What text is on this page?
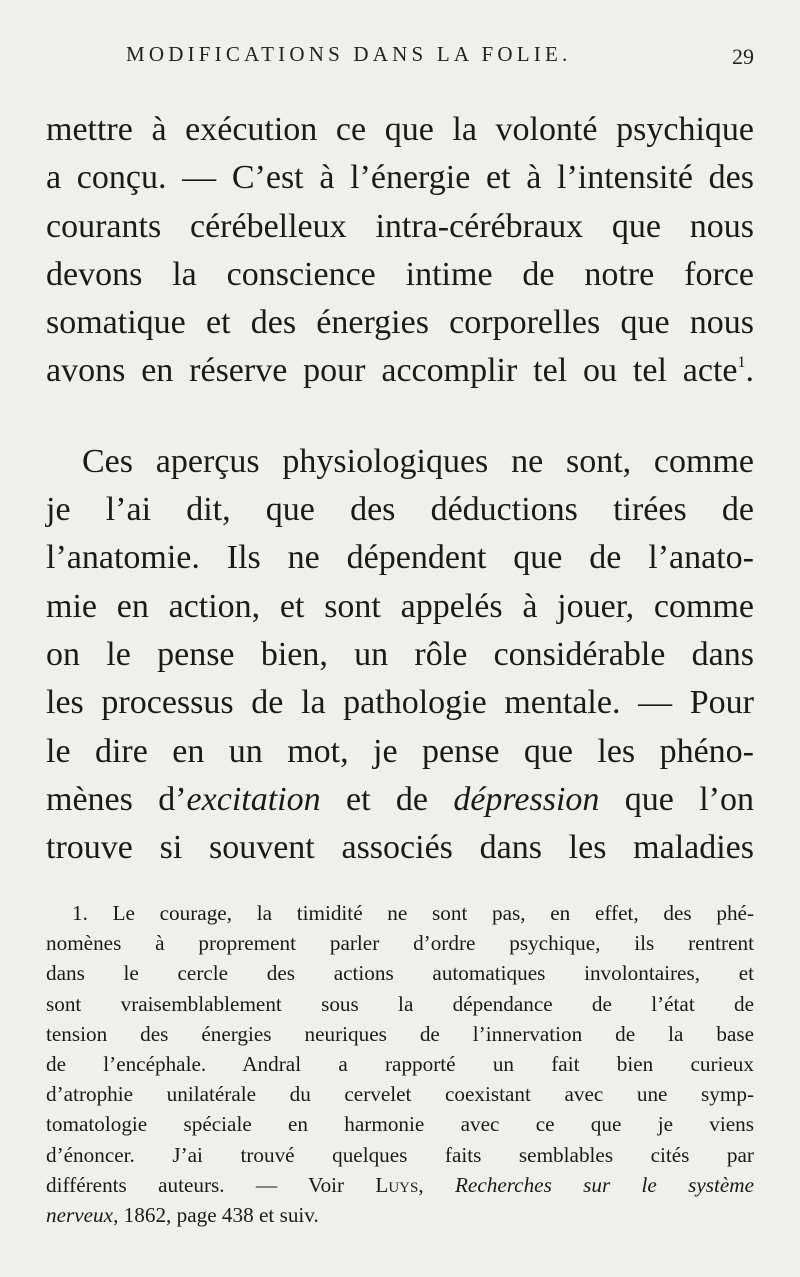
MODIFICATIONS DANS LA FOLIE.	29
mettre à exécution ce que la volonté psychique
a conçu. — C’est à l’énergie et à l’intensité des
courants cérébelleux intra-cérébraux que nous
devons la conscience intime de notre force
somatique et des énergies corporelles que nous
avons en réserve pour accomplir tel ou tel acte$^1$.
Ces aperçus physiologiques ne sont, comme
je l’ai dit, que des déductions tirées de
l’anatomie. Ils ne dépendent que de l’anato-
mie en action, et sont appelés à jouer, comme
on le pense bien, un rôle considérable dans
les processus de la pathologie mentale. — Pour
le dire en un mot, je pense que les phéno-
mènes d’excitation et de dépression que l’on
trouve si souvent associés dans les maladies
1. Le courage, la timidité ne sont pas, en effet, des phé-
nomènes à proprement parler d’ordre psychique, ils rentrent
dans le cercle des actions automatiques involontaires, et
sont vraisemblablement sous la dépendance de l’état de
tension des énergies neuriques de l’innervation de la base
de l’encéphale. Andral a rapporté un fait bien curieux
d’atrophie unilatérale du cervelet coexistant avec une symp-
tomatologie spéciale en harmonie avec ce que je viens
d’énoncer. J’ai trouvé quelques faits semblables cités par
différents auteurs. — Voir Luys, Recherches sur le système
nerveux, 1862, page 438 et suiv.
